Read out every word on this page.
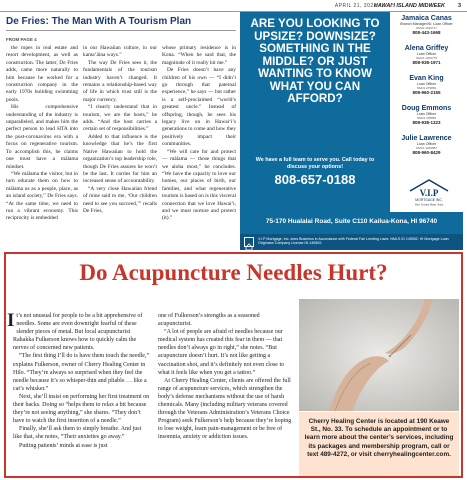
APRIL 21, 2021
HAWAI‘I ISLAND MIDWEEK 3
De Fries: The Man With A Tourism Plan
FROM PAGE 4

the ropes in real estate and resort development, as well as construction. The latter, De Fries adds, came more naturally to him because he worked for a construction company in the early 1970s building swimming pools.

His comprehensive understanding of the industry is unparalleled, and makes him the perfect person to lead HTA into the post-coronavirus era with a focus on regenerative tourism. To accomplish this, he claims one must have a mālama mindset.

“We mālama the visitor, but in turn educate them on how to mālama us as a people, place, as an island society,” De Fries says. “At the same time, we need to run a vibrant economy. This reciprocity is embedded

in our Hawaiian culture, in our kama‘āina ways.”

The way De Fries sees it, the fundamentals of the tourism industry haven’t changed. It remains a relationship-based way of life in which trust still is the major currency.

“I clearly understand that in tourism, we are the hosts,” he adds. “And the host carries a certain set of responsibilities.”

Added to that influence is the knowledge that he’s the first Native Hawaiian to hold the organization’s top leadership role, though De Fries assures he won’t be the last. It carries for him an increased sense of accountability.

“A very close Hawaiian friend of mine said to me, ‘Our children need to see you succeed,’” recalls De Fries,

whose primary residence is in Kona. “When he said that, the magnitude of it really hit me.”

De Fries doesn’t have any children of his own — “I didn’t go through that paternal experience,” he says — but rather is a self-proclaimed “world’s greatest uncle.” Instead of offspring, though, he sees his legacy live on in Hawai‘i’s generations to come and how they positively impact their communities.

“We will care for and protect — mālama — those things that we aloha most,” he concludes. “We have the capacity to love our homes, our places of birth, our families, and what regenerative tourism is based on is this visceral connection that we love Hawai‘i, and we must nurture and protect (it).”

ARE YOU LOOKING TO UPSIZE? DOWNSIZE? SOMETHING IN THE MIDDLE? OR JUST WANTING TO KNOW WHAT YOU CAN AFFORD?
We have a full team to serve you. Call today to discuss your options!
808-657-0188
Jamaica Canas
Branch Manager/Sr. Loan Officer
NMLS 1346717
808-443-1668
Alena Griffey
Loan Officer
NMLS 1306775
808-938-1971
Evan King
Loan Officer
NMLS 279869
808-960-2155
Doug Emmons
Loan Officer
NMLS 378883
808-938-1323
Julie Lawrence
Loan Officer
NMLS 1369987
808-960-8429
V.I.P
MORTGAGE INC.
Your Trusted Home Team
75-170 Hualalai Road, Suite C110 Kailua-Kona, HI 96740
V.I.P Mortgage, Inc. does Business in Accordance with Federal Fair Lending Laws. NMLS ID 145502. HI Mortgage Loan Originator Company License HI-145502.
Do Acupuncture Needles Hurt?

It’s not unusual for people to be a bit apprehensive of needles. Some are even downright fearful of these slender pieces of metal. But local acupuncturist Rahakka Fulkerson knows how to quickly calm the nerves of concerned new patients.

“The first thing I’ll do is have them touch the needle,” explains Fulkerson, owner of Cherry Healing Center in Hilo. “They’re always so surprised when they feel the needle because it’s so whisper-thin and pliable … like a cat’s whisker.”

Next, she’ll insist on performing her first treatment on their backs. Doing so “helps them to relax a bit because they’re not seeing anything,” she shares. “They don’t have to watch the first insertion of a needle.”

Finally, she’ll ask them to simply breathe. And just like that, she notes, “Their anxieties go away.”

Putting patients’ minds at ease is just

one of Fulkerson’s strengths as a seasoned acupuncturist.

“A lot of people are afraid of needles because our medical system has created this fear in them — that needles don’t always go in right,” she notes. “But acupuncture doesn’t hurt. It’s not like getting a vaccination shot, and it’s definitely not even close to what it feels like when you get a tattoo.”

At Cherry Healing Center, clients are offered the full range of acupuncture services, which strengthen the body’s defense mechanisms without the use of harsh chemicals. Many (including military veterans covered through the Veterans Administration’s Veterans Choice Program) seek Fulkerson’s help because they’re hoping to lose weight, learn pain-management or be free of insomnia, anxiety or addiction issues.

Cherry Healing Center is located at 190 Keawe St., No. 33. To schedule an appointment or to learn more about the center’s services, including its packages and membership program, call or text 489-4272, or visit cherryhealingcenter.com.
